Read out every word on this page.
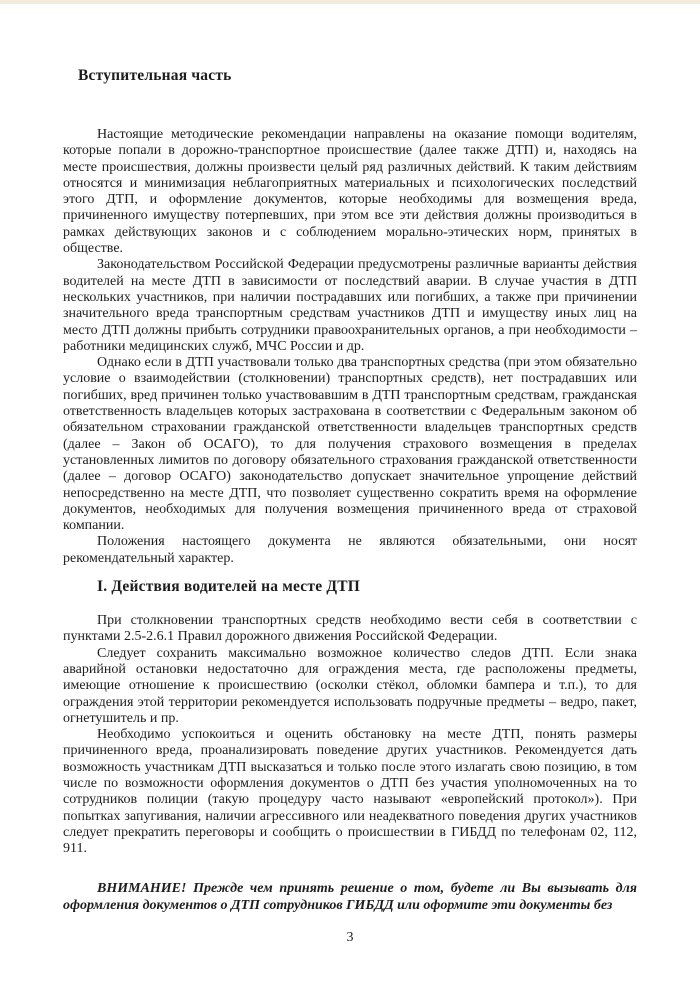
Вступительная часть

Настоящие методические рекомендации направлены на оказание помощи водителям, которые попали в дорожно-транспортное происшествие (далее также ДТП) и, находясь на месте происшествия, должны произвести целый ряд различных действий. К таким действиям относятся и минимизация неблагоприятных материальных и психологических последствий этого ДТП, и оформление документов, которые необходимы для возмещения вреда, причиненного имуществу потерпевших, при этом все эти действия должны производиться в рамках действующих законов и с соблюдением морально-этических норм, принятых в обществе.

Законодательством Российской Федерации предусмотрены различные варианты действия водителей на месте ДТП в зависимости от последствий аварии. В случае участия в ДТП нескольких участников, при наличии пострадавших или погибших, а также при причинении значительного вреда транспортным средствам участников ДТП и имуществу иных лиц на место ДТП должны прибыть сотрудники правоохранительных органов, а при необходимости – работники медицинских служб, МЧС России и др.

Однако если в ДТП участвовали только два транспортных средства (при этом обязательно условие о взаимодействии (столкновении) транспортных средств), нет пострадавших или погибших, вред причинен только участвовавшим в ДТП транспортным средствам, гражданская ответственность владельцев которых застрахована в соответствии с Федеральным законом об обязательном страховании гражданской ответственности владельцев транспортных средств (далее – Закон об ОСАГО), то для получения страхового возмещения в пределах установленных лимитов по договору обязательного страхования гражданской ответственности (далее – договор ОСАГО) законодательство допускает значительное упрощение действий непосредственно на месте ДТП, что позволяет существенно сократить время на оформление документов, необходимых для получения возмещения причиненного вреда от страховой компании.

Положения настоящего документа не являются обязательными, они носят рекомендательный характер.

I. Действия водителей на месте ДТП

При столкновении транспортных средств необходимо вести себя в соответствии с пунктами 2.5-2.6.1 Правил дорожного движения Российской Федерации.

Следует сохранить максимально возможное количество следов ДТП. Если знака аварийной остановки недостаточно для ограждения места, где расположены предметы, имеющие отношение к происшествию (осколки стёкол, обломки бампера и т.п.), то для ограждения этой территории рекомендуется использовать подручные предметы – ведро, пакет, огнетушитель и пр.

Необходимо успокоиться и оценить обстановку на месте ДТП, понять размеры причиненного вреда, проанализировать поведение других участников. Рекомендуется дать возможность участникам ДТП высказаться и только после этого излагать свою позицию, в том числе по возможности оформления документов о ДТП без участия уполномоченных на то сотрудников полиции (такую процедуру часто называют «европейский протокол»). При попытках запугивания, наличии агрессивного или неадекватного поведения других участников следует прекратить переговоры и сообщить о происшествии в ГИБДД по телефонам 02, 112, 911.

ВНИМАНИЕ! Прежде чем принять решение о том, будете ли Вы вызывать для оформления документов о ДТП сотрудников ГИБДД или оформите эти документы без

3
